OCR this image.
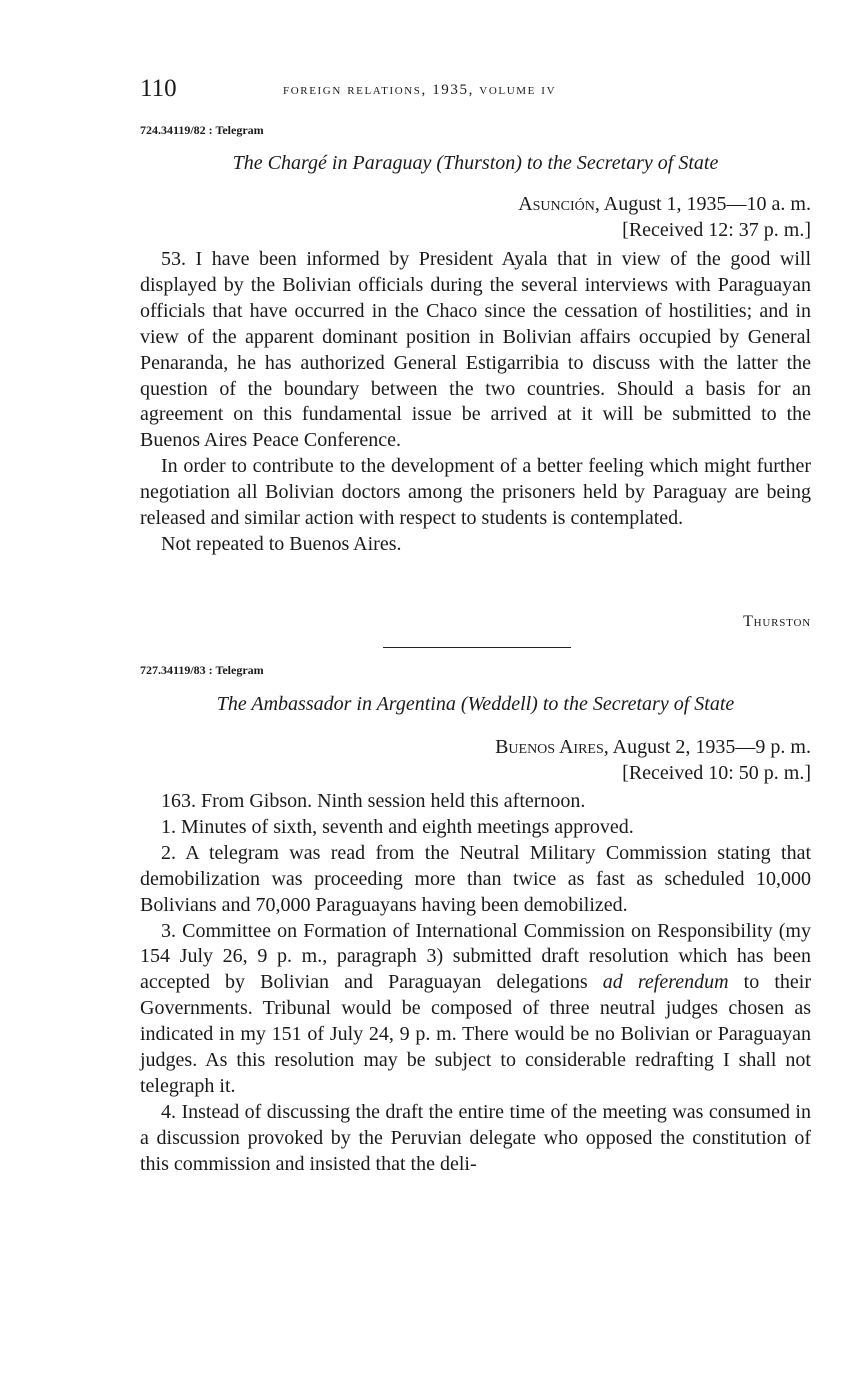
110	foreign relations, 1935, volume iv
724.34119/82 : Telegram
The Chargé in Paraguay (Thurston) to the Secretary of State
Asunción, August 1, 1935—10 a. m.
[Received 12: 37 p. m.]

53. I have been informed by President Ayala that in view of the good will displayed by the Bolivian officials during the several interviews with Paraguayan officials that have occurred in the Chaco since the cessation of hostilities; and in view of the apparent dominant position in Bolivian affairs occupied by General Penaranda, he has authorized General Estigarribia to discuss with the latter the question of the boundary between the two countries. Should a basis for an agreement on this fundamental issue be arrived at it will be submitted to the Buenos Aires Peace Conference.

In order to contribute to the development of a better feeling which might further negotiation all Bolivian doctors among the prisoners held by Paraguay are being released and similar action with respect to students is contemplated.

Not repeated to Buenos Aires.

Thurston
727.34119/83 : Telegram
The Ambassador in Argentina (Weddell) to the Secretary of State
Buenos Aires, August 2, 1935—9 p. m.
[Received 10: 50 p. m.]

163. From Gibson. Ninth session held this afternoon.

1. Minutes of sixth, seventh and eighth meetings approved.

2. A telegram was read from the Neutral Military Commission stating that demobilization was proceeding more than twice as fast as scheduled 10,000 Bolivians and 70,000 Paraguayans having been demobilized.

3. Committee on Formation of International Commission on Responsibility (my 154 July 26, 9 p. m., paragraph 3) submitted draft resolution which has been accepted by Bolivian and Paraguayan delegations ad referendum to their Governments. Tribunal would be composed of three neutral judges chosen as indicated in my 151 of July 24, 9 p. m. There would be no Bolivian or Paraguayan judges. As this resolution may be subject to considerable redrafting I shall not telegraph it.

4. Instead of discussing the draft the entire time of the meeting was consumed in a discussion provoked by the Peruvian delegate who opposed the constitution of this commission and insisted that the deli-
